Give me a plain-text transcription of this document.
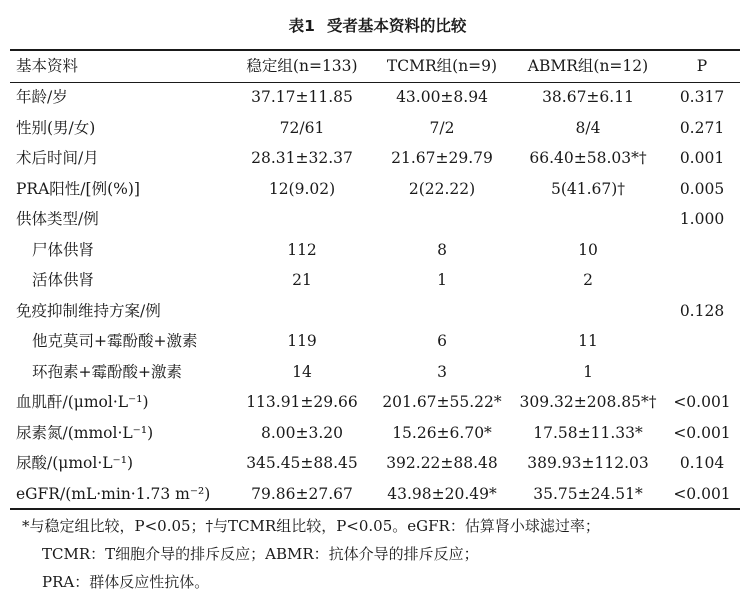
表1 受者基本资料的比较
基本资料	稳定组(n=133)	TCMR组(n=9)	ABMR组(n=12)	P
年龄/岁	37.17±11.85	43.00±8.94	38.67±6.11	0.317
性别(男/女)	72/61	7/2	8/4	0.271
术后时间/月	28.31±32.37	21.67±29.79	66.40±58.03*†	0.001
PRA阳性/[例(%)]	12(9.02)	2(22.22)	5(41.67)†	0.005
供体类型/例				1.000
尸体供肾	112	8	10	
活体供肾	21	1	2	
免疫抑制维持方案/例				0.128
他克莫司+霉酚酸+激素	119	6	11	
环孢素+霉酚酸+激素	14	3	1	
血肌酐/(μmol·L⁻¹)	113.91±29.66	201.67±55.22*	309.32±208.85*†	<0.001
尿素氮/(mmol·L⁻¹)	8.00±3.20	15.26±6.70*	17.58±11.33*	<0.001
尿酸/(μmol·L⁻¹)	345.45±88.45	392.22±88.48	389.93±112.03	0.104
eGFR/(mL·min·1.73 m⁻²)	79.86±27.67	43.98±20.49*	35.75±24.51*	<0.001
*与稳定组比较，P<0.05；†与TCMR组比较，P<0.05。eGFR：估算肾小球滤过率；
TCMR：T细胞介导的排斥反应；ABMR：抗体介导的排斥反应；
PRA：群体反应性抗体。
